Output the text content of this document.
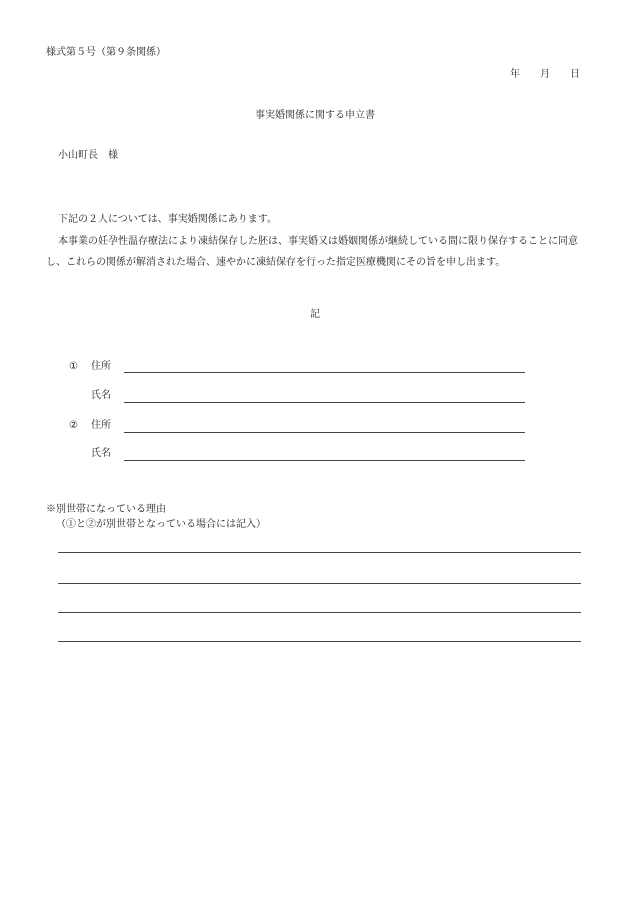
様式第５号（第９条関係）
年 月 日
事実婚関係に関する申立書
小山町長　様

下記の２人については、事実婚関係にあります。

本事業の妊孕性温存療法により凍結保存した胚は、事実婚又は婚姻関係が継続している間に限り保存することに同意し、これらの関係が解消された場合、速やかに凍結保存を行った指定医療機関にその旨を申し出ます。

記
① 住所
氏名
② 住所
氏名
※別世帯になっている理由
（①と②が別世帯となっている場合には記入）
